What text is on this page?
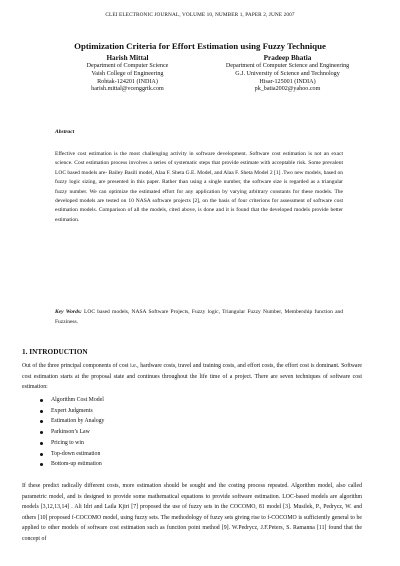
CLEI ELECTRONIC JOURNAL, VOLUME 10, NUMBER 1, PAPER 2, JUNE 2007
Optimization Criteria for Effort Estimation using Fuzzy Technique
Harish Mittal
Department of Computer Science
Vaish College of Engineering
Rohtak-124201 (INDIA)
harish.mittal@vcenggrtk.com
Pradeep Bhatia
Department of Computer Science and Engineering
G.J. University of Science and Technology
Hisar-125001 (INDIA)
pk_batia2002@yahoo.com
Abstract
Effective cost estimation is the most challenging activity in software development. Software cost estimation is not an exact science. Cost estimation process involves a series of systematic steps that provide estimate with acceptable risk. Some prevalent LOC based models are- Bailey Basili model, Alaa F. Sheta G.E. Model, and Alaa F. Sheta Model 2 [1] .Two new models, based on fuzzy logic sizing, are presented in this paper. Rather than using a single number, the software size is regarded as a triangular fuzzy number. We can optimize the estimated effort for any application by varying arbitrary constants for these models. The developed models are tested on 10 NASA software projects [2], on the basis of four criterions for assessment of software cost estimation models. Comparison of all the models, cited above, is done and it is found that the developed models provide better estimation.
Key Words: LOC based models, NASA Software Projects, Fuzzy logic, Triangular Fuzzy Number, Membership function and Fuzziness.
1. INTRODUCTION
Out of the three principal components of cost i.e., hardware costs, travel and training costs, and effort costs, the effort cost is dominant. Software cost estimation starts at the proposal state and continues throughout the life time of a project. There are seven techniques of software cost estimation:
Algorithm Cost Model
Expert Judgments
Estimation by Analogy
Parkinson’s Law
Pricing to win
Top-down estimation
Bottom-up estimation
If these predict radically different costs, more estimation should be sought and the costing process repeated. Algorithm model, also called parametric model, and is designed to provide some mathematical equations to provide software estimation. LOC-based models are algorithm models [3,12,13,14] . Ali Idri and Laila Kjiri [7] proposed the use of fuzzy sets in the COCOMO, 81 model [3]. Musilek, P., Pedrycz, W. and others [10] proposed f-COCOMO model, using fuzzy sets. The methodology of fuzzy sets giving rise to f-COCOMO is sufficiently general to be applied to other models of software cost estimation such as function point method [9]. W.Pedrycz, J.F.Peters, S. Ramanna [11] found that the concept of
